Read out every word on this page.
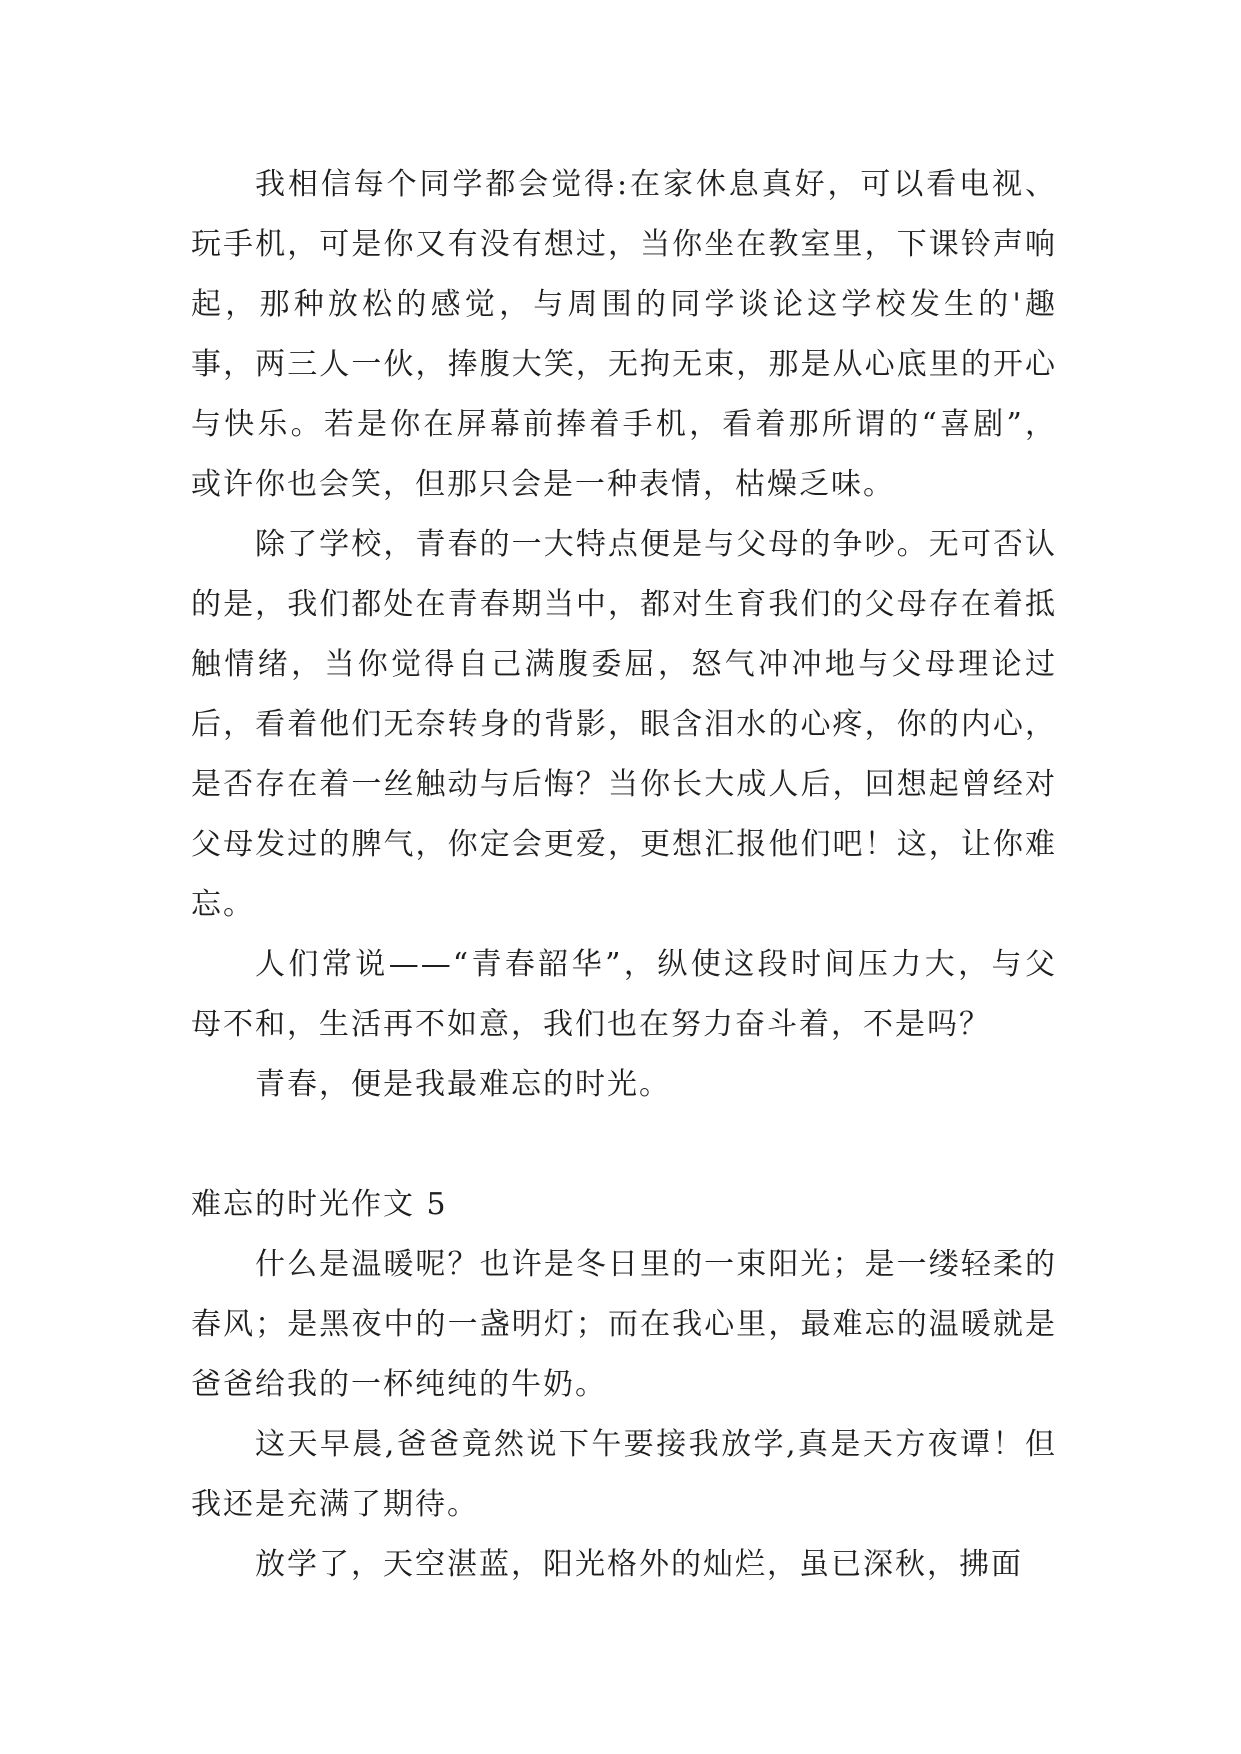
我相信每个同学都会觉得:在家休息真好，可以看电视、玩手机，可是你又有没有想过，当你坐在教室里，下课铃声响起，那种放松的感觉，与周围的同学谈论这学校发生的'趣事，两三人一伙，捧腹大笑，无拘无束，那是从心底里的开心与快乐。若是你在屏幕前捧着手机，看着那所谓的“喜剧”，或许你也会笑，但那只会是一种表情，枯燥乏味。

除了学校，青春的一大特点便是与父母的争吵。无可否认的是，我们都处在青春期当中，都对生育我们的父母存在着抵触情绪，当你觉得自己满腹委屈，怒气冲冲地与父母理论过后，看着他们无奈转身的背影，眼含泪水的心疼，你的内心，是否存在着一丝触动与后悔？当你长大成人后，回想起曾经对父母发过的脾气，你定会更爱，更想汇报他们吧！这，让你难忘。

人们常说——“青春韶华”，纵使这段时间压力大，与父母不和，生活再不如意，我们也在努力奋斗着，不是吗？

青春，便是我最难忘的时光。

难忘的时光作文 5

什么是温暖呢？也许是冬日里的一束阳光；是一缕轻柔的春风；是黑夜中的一盏明灯；而在我心里，最难忘的温暖就是爸爸给我的一杯纯纯的牛奶。

这天早晨,爸爸竟然说下午要接我放学,真是天方夜谭！但我还是充满了期待。

放学了，天空湛蓝，阳光格外的灿烂，虽已深秋，拂面
